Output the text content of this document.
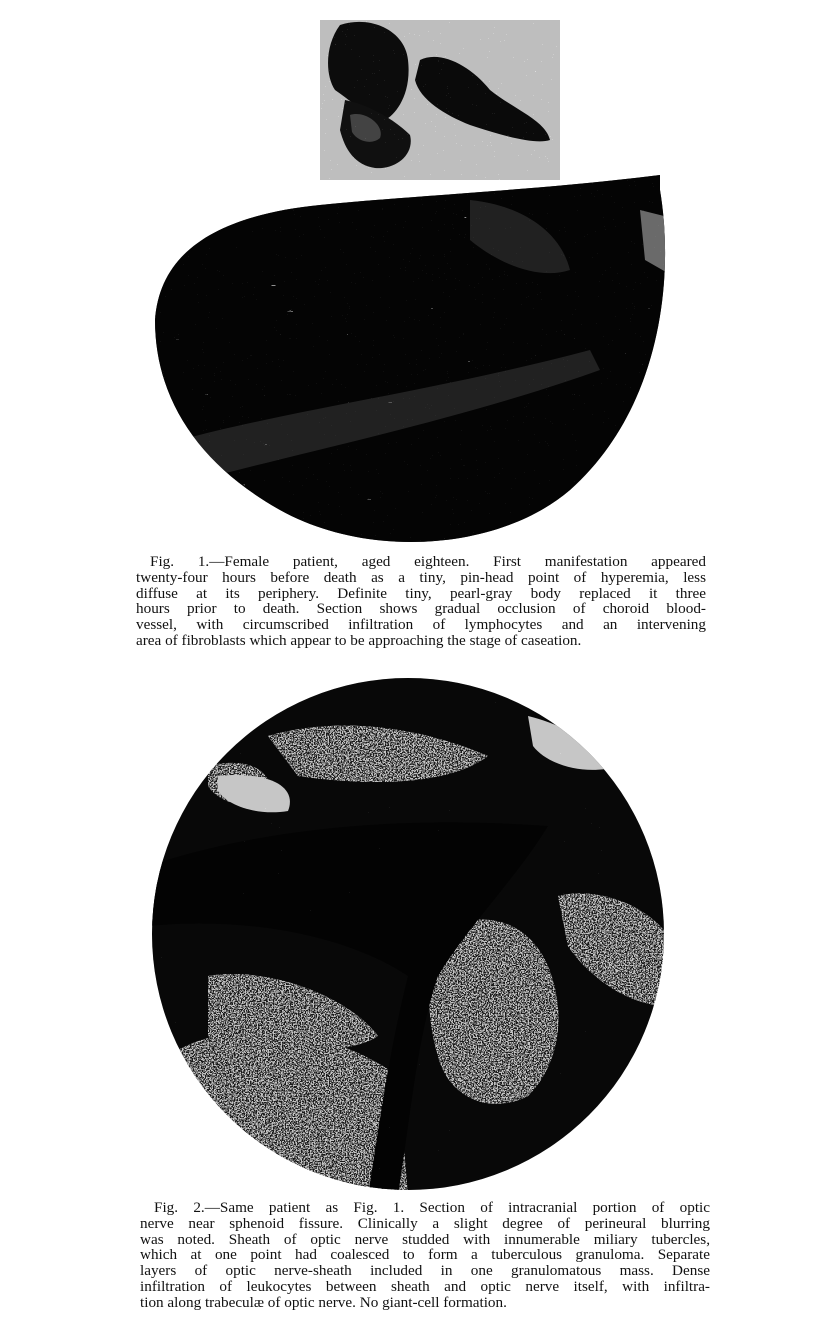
Fig. 1.—Female patient, aged eighteen. First manifestation appeared
twenty-four hours before death as a tiny, pin-head point of hyperemia, less
diffuse at its periphery. Definite tiny, pearl-gray body replaced it three
hours prior to death. Section shows gradual occlusion of choroid blood-
vessel, with circumscribed infiltration of lymphocytes and an intervening
area of fibroblasts which appear to be approaching the stage of caseation.
Fig. 2.—Same patient as Fig. 1. Section of intracranial portion of optic
nerve near sphenoid fissure. Clinically a slight degree of perineural blurring
was noted. Sheath of optic nerve studded with innumerable miliary tubercles,
which at one point had coalesced to form a tuberculous granuloma. Separate
layers of optic nerve-sheath included in one granulomatous mass. Dense
infiltration of leukocytes between sheath and optic nerve itself, with infiltra-
tion along trabeculæ of optic nerve. No giant-cell formation.
